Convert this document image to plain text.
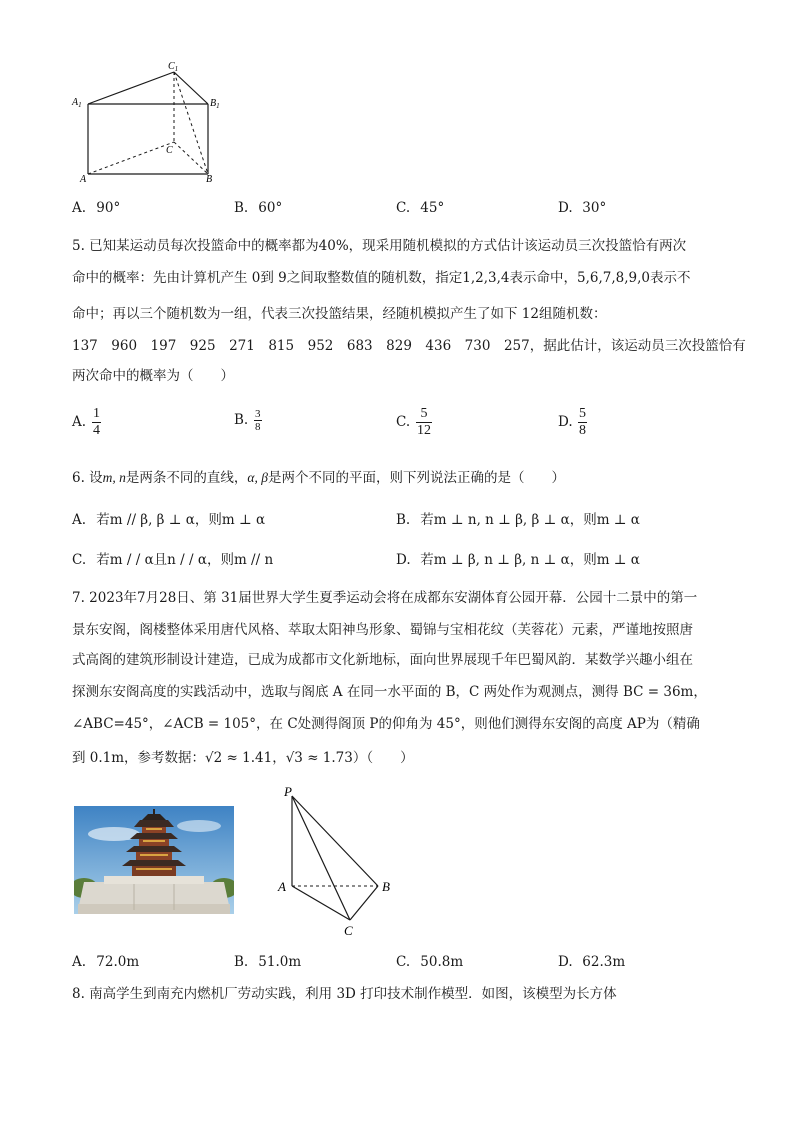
$C_1$
$A_1$	$B_1$
C
A	B
A. 90°	B. 60°	C. 45°	D. 30°
5. 已知某运动员每次投篮命中的概率都为40%，现采用随机模拟的方式估计该运动员三次投篮恰有两次
命中的概率：先由计算机产生 0到 9之间取整数值的随机数，指定1,2,3,4表示命中，5,6,7,8,9,0表示不
命中；再以三个随机数为一组，代表三次投篮结果，经随机模拟产生了如下 12组随机数：
137　960　197　925　271　815　952　683　829　436　730　257，据此估计，该运动员三次投篮恰有
两次命中的概率为（　　）
A. $\frac{1}{4}$	B. $\frac{3}{8}$	C. $\frac{5}{12}$	D. $\frac{5}{8}$
6. 设m, n是两条不同的直线，α, β是两个不同的平面，则下列说法正确的是（　　）
A. 若m // β, β ⊥ α，则m ⊥ α	B. 若m ⊥ n, n ⊥ β, β ⊥ α，则m ⊥ α
C. 若m / / α且n / / α，则m // n	D. 若m ⊥ β, n ⊥ β, n ⊥ α，则m ⊥ α
7. 2023年7月28日、第 31届世界大学生夏季运动会将在成都东安湖体育公园开幕．公园十二景中的第一
景东安阁，阁楼整体采用唐代风格、萃取太阳神鸟形象、蜀锦与宝相花纹（芙蓉花）元素，严谨地按照唐
式高阁的建筑形制设计建造，已成为成都市文化新地标，面向世界展现千年巴蜀风韵．某数学兴趣小组在
探测东安阁高度的实践活动中，选取与阁底 A 在同一水平面的 B，C 两处作为观测点，测得 BC = 36m，
∠ABC=45°，∠ACB = 105°，在 C处测得阁顶 P的仰角为 45°，则他们测得东安阁的高度 AP为（精确
到 0.1m，参考数据：√2 ≈ 1.41，√3 ≈ 1.73）（　　）
P
A	B
C
A. 72.0m	B. 51.0m	C. 50.8m	D. 62.3m
8. 南高学生到南充内燃机厂劳动实践，利用 3D 打印技术制作模型．如图，该模型为长方体
